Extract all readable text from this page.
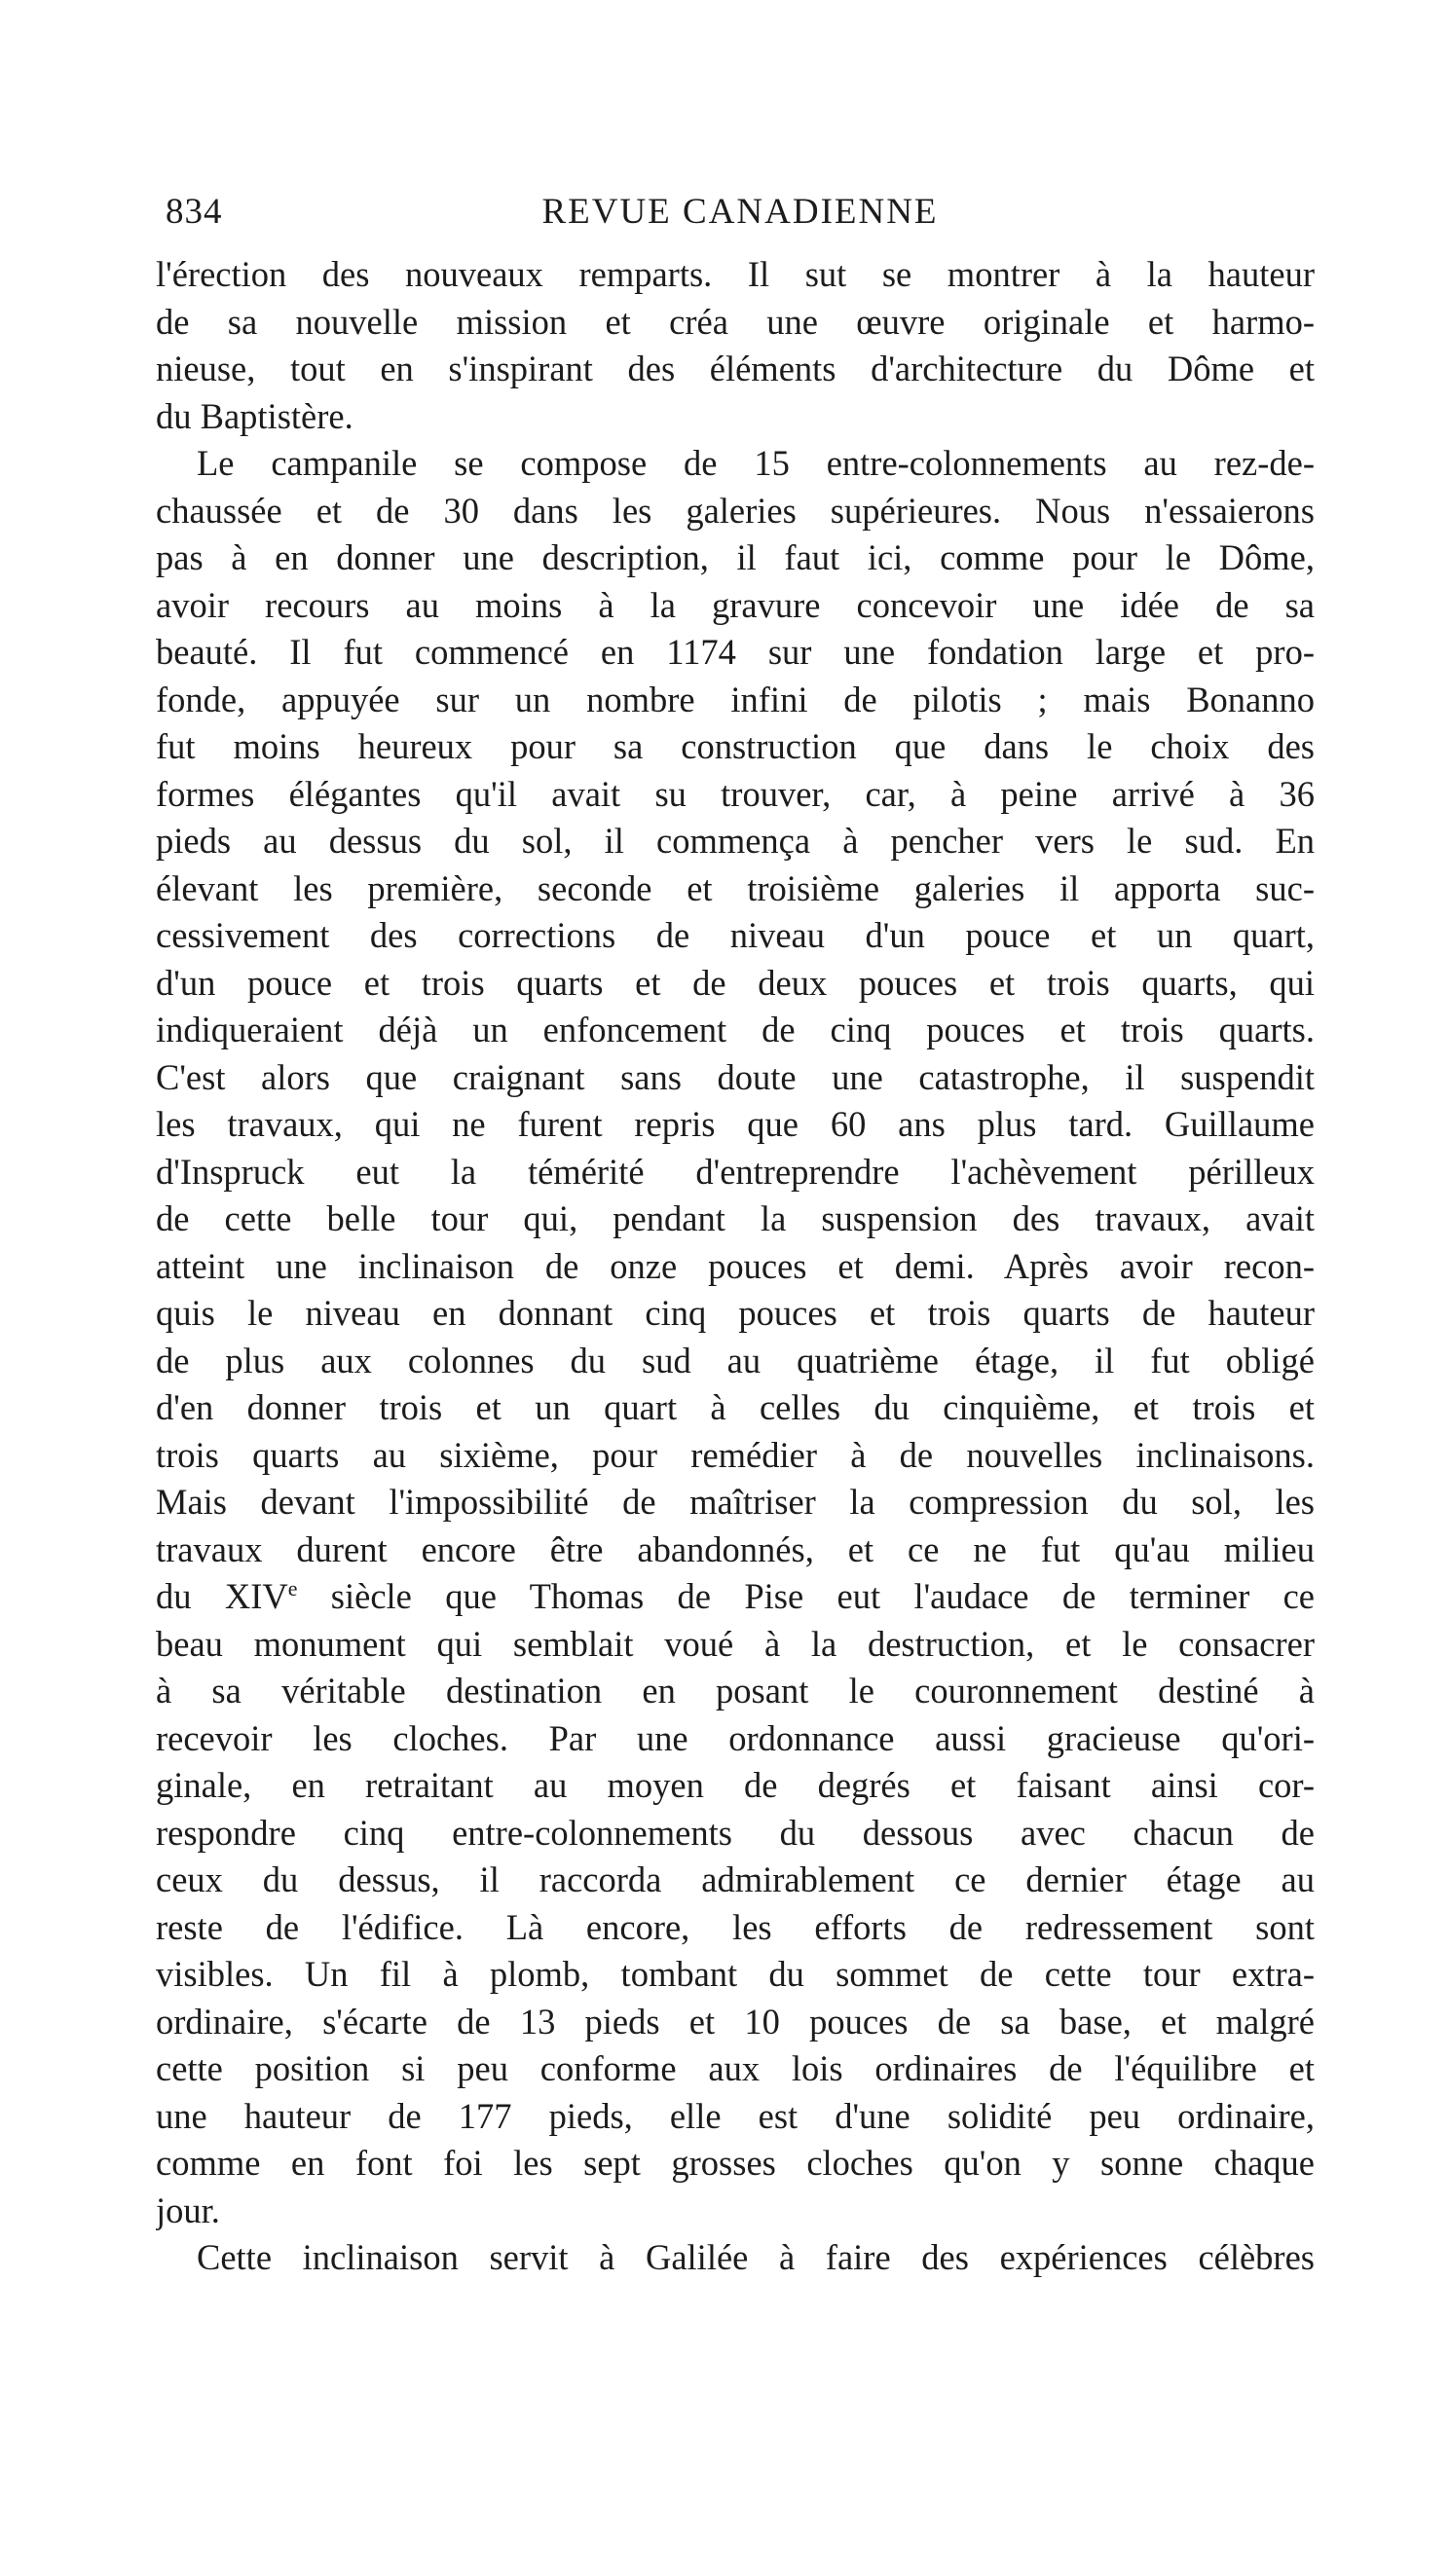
834	REVUE CANADIENNE
l'érection des nouveaux remparts. Il sut se montrer à la hauteur
de sa nouvelle mission et créa une œuvre originale et harmo-
nieuse, tout en s'inspirant des éléments d'architecture du Dôme et
du Baptistère.
Le campanile se compose de 15 entre-colonnements au rez-de-
chaussée et de 30 dans les galeries supérieures. Nous n'essaierons
pas à en donner une description, il faut ici, comme pour le Dôme,
avoir recours au moins à la gravure concevoir une idée de sa
beauté. Il fut commencé en 1174 sur une fondation large et pro-
fonde, appuyée sur un nombre infini de pilotis ; mais Bonanno
fut moins heureux pour sa construction que dans le choix des
formes élégantes qu'il avait su trouver, car, à peine arrivé à 36
pieds au dessus du sol, il commença à pencher vers le sud. En
élevant les première, seconde et troisième galeries il apporta suc-
cessivement des corrections de niveau d'un pouce et un quart,
d'un pouce et trois quarts et de deux pouces et trois quarts, qui
indiqueraient déjà un enfoncement de cinq pouces et trois quarts.
C'est alors que craignant sans doute une catastrophe, il suspendit
les travaux, qui ne furent repris que 60 ans plus tard. Guillaume
d'Inspruck eut la témérité d'entreprendre l'achèvement périlleux
de cette belle tour qui, pendant la suspension des travaux, avait
atteint une inclinaison de onze pouces et demi. Après avoir recon-
quis le niveau en donnant cinq pouces et trois quarts de hauteur
de plus aux colonnes du sud au quatrième étage, il fut obligé
d'en donner trois et un quart à celles du cinquième, et trois et
trois quarts au sixième, pour remédier à de nouvelles inclinaisons.
Mais devant l'impossibilité de maîtriser la compression du sol, les
travaux durent encore être abandonnés, et ce ne fut qu'au milieu
du XIVe siècle que Thomas de Pise eut l'audace de terminer ce
beau monument qui semblait voué à la destruction, et le consacrer
à sa véritable destination en posant le couronnement destiné à
recevoir les cloches. Par une ordonnance aussi gracieuse qu'ori-
ginale, en retraitant au moyen de degrés et faisant ainsi cor-
respondre cinq entre-colonnements du dessous avec chacun de
ceux du dessus, il raccorda admirablement ce dernier étage au
reste de l'édifice. Là encore, les efforts de redressement sont
visibles. Un fil à plomb, tombant du sommet de cette tour extra-
ordinaire, s'écarte de 13 pieds et 10 pouces de sa base, et malgré
cette position si peu conforme aux lois ordinaires de l'équilibre et
une hauteur de 177 pieds, elle est d'une solidité peu ordinaire,
comme en font foi les sept grosses cloches qu'on y sonne chaque
jour.
Cette inclinaison servit à Galilée à faire des expériences célèbres
